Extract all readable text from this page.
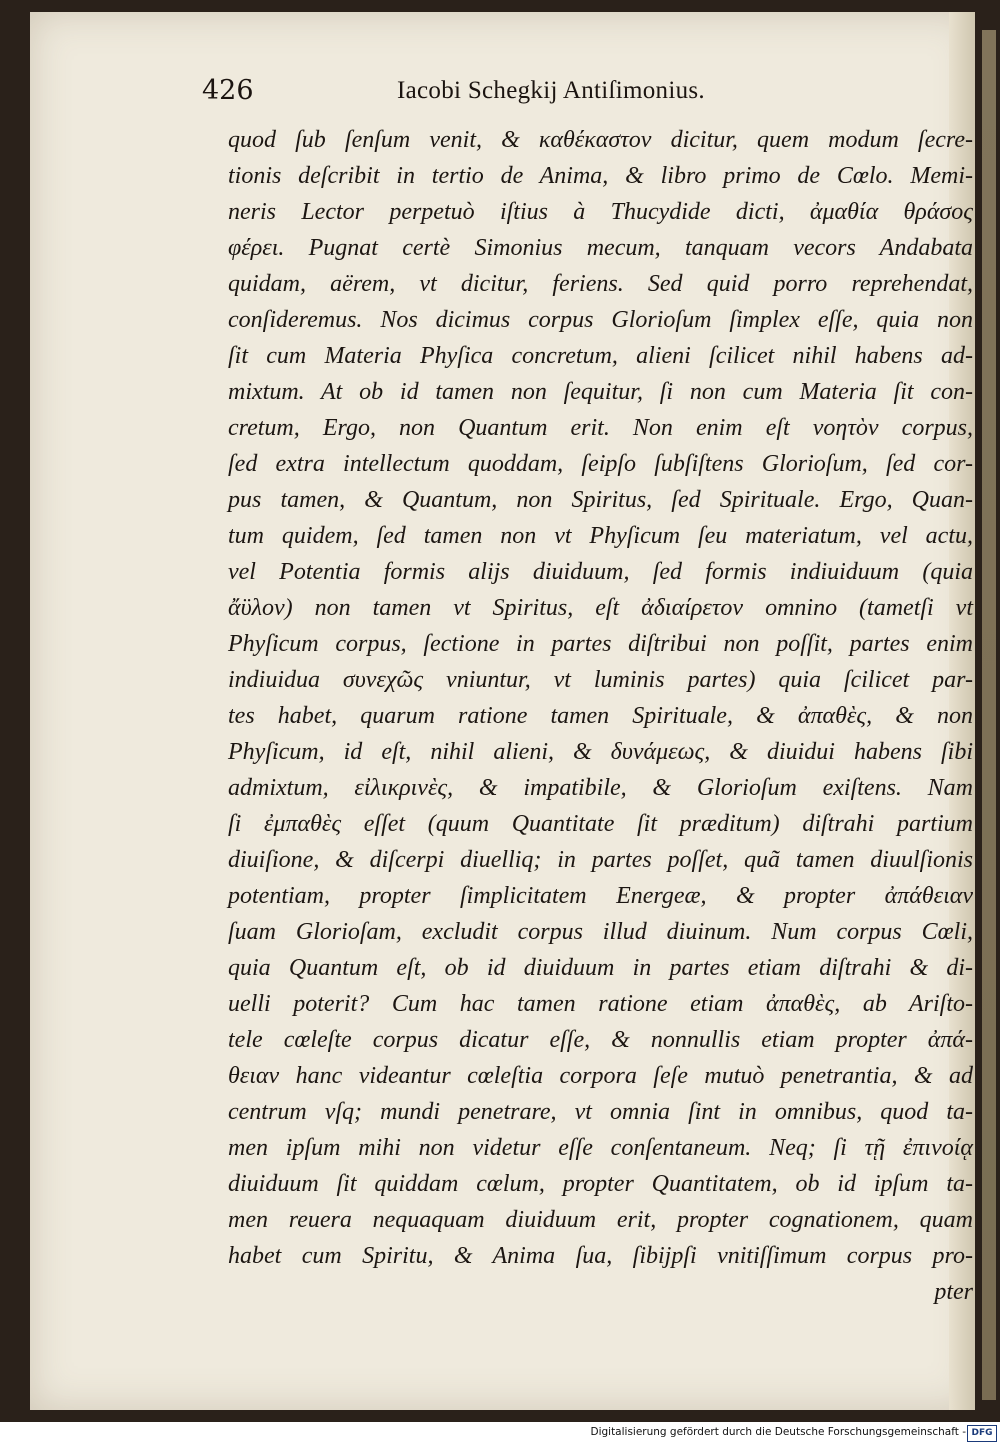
426	Iacobi Schegkij Antiſimonius.
quod ſub ſenſum venit, & καθέκαστον dicitur, quem modum ſecre-
tionis deſcribit in tertio de Anima, & libro primo de Cœlo. Memi-
neris Lector perpetuò iſtius à Thucydide dicti, ἀμαθία θράσος
φέρει. Pugnat certè Simonius mecum, tanquam vecors Andabata
quidam, aërem, vt dicitur, feriens. Sed quid porro reprehendat,
conſideremus. Nos dicimus corpus Glorioſum ſimplex eſſe, quia non
ſit cum Materia Phyſica concretum, alieni ſcilicet nihil habens ad-
mixtum. At ob id tamen non ſequitur, ſi non cum Materia ſit con-
cretum, Ergo, non Quantum erit. Non enim eſt νοητὸν corpus,
ſed extra intellectum quoddam, ſeipſo ſubſiſtens Glorioſum, ſed cor-
pus tamen, & Quantum, non Spiritus, ſed Spirituale. Ergo, Quan-
tum quidem, ſed tamen non vt Phyſicum ſeu materiatum, vel actu,
vel Potentia formis alijs diuiduum, ſed formis indiuiduum (quia
ἄϋλον) non tamen vt Spiritus, eſt ἀδιαίρετον omnino (tametſi vt
Phyſicum corpus, ſectione in partes diſtribui non poſſit, partes enim
indiuidua συνεχῶς vniuntur, vt luminis partes) quia ſcilicet par-
tes habet, quarum ratione tamen Spirituale, & ἀπαθὲς, & non
Phyſicum, id eſt, nihil alieni, & δυνάμεως, & diuidui habens ſibi
admixtum, εἰλικρινὲς, & impatibile, & Glorioſum exiſtens. Nam
ſi ἐμπαθὲς eſſet (quum Quantitate ſit præditum) diſtrahi partium
diuiſione, & diſcerpi diuelliq; in partes poſſet, quã tamen diuulſionis
potentiam, propter ſimplicitatem Energeæ, & propter ἀπάθειαν
ſuam Glorioſam, excludit corpus illud diuinum. Num corpus Cœli,
quia Quantum eſt, ob id diuiduum in partes etiam diſtrahi & di-
uelli poterit? Cum hac tamen ratione etiam ἀπαθὲς, ab Ariſto-
tele cœleſte corpus dicatur eſſe, & nonnullis etiam propter ἀπά-
θειαν hanc videantur cœleſtia corpora ſeſe mutuò penetrantia, & ad
centrum vſq; mundi penetrare, vt omnia ſint in omnibus, quod ta-
men ipſum mihi non videtur eſſe conſentaneum. Neq; ſi τῇ ἐπινοίᾳ
diuiduum ſit quiddam cœlum, propter Quantitatem, ob id ipſum ta-
men reuera nequaquam diuiduum erit, propter cognationem, quam
habet cum Spiritu, & Anima ſua, ſibijpſi vnitiſſimum corpus pro-
pter
Digitalisierung gefördert durch die Deutsche Forschungsgemeinschaft - DFG
